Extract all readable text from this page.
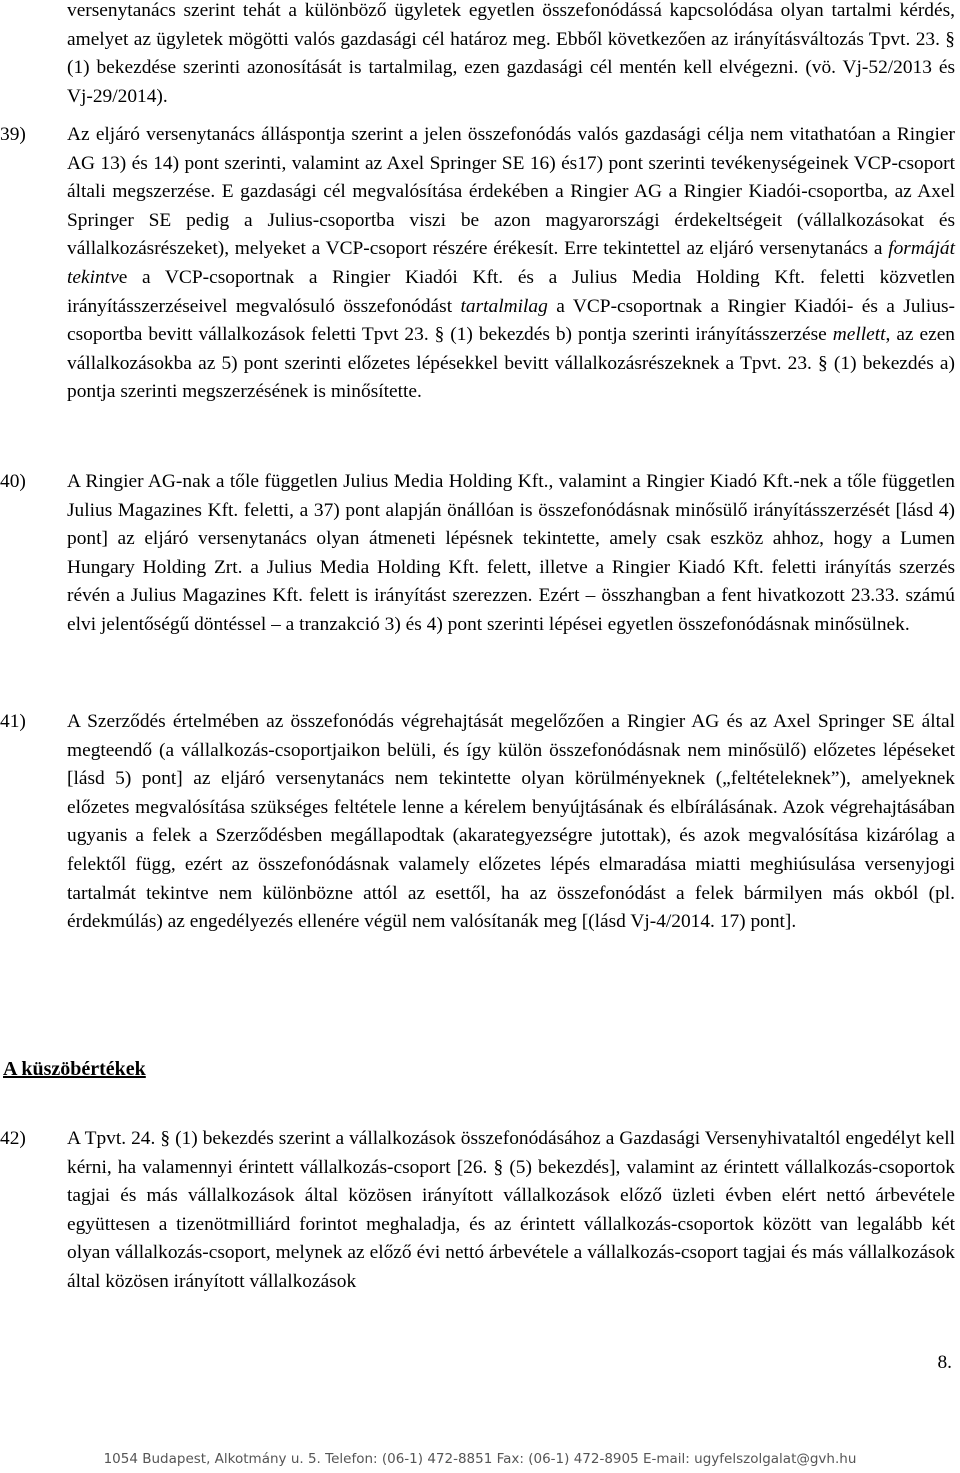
versenytanács szerint tehát a különböző ügyletek egyetlen összefonódássá kapcsolódása olyan tartalmi kérdés, amelyet az ügyletek mögötti valós gazdasági cél határoz meg. Ebből következően az irányításváltozás Tpvt. 23. § (1) bekezdése szerinti azonosítását is tartalmilag, ezen gazdasági cél mentén kell elvégezni. (vö. Vj-52/2013 és Vj-29/2014).

39)	Az eljáró versenytanács álláspontja szerint a jelen összefonódás valós gazdasági célja nem vitathatóan a Ringier AG 13) és 14) pont szerinti, valamint az Axel Springer SE 16) és17) pont szerinti tevékenységeinek VCP-csoport általi megszerzése. E gazdasági cél megvalósítása érdekében a Ringier AG a Ringier Kiadói-csoportba, az Axel Springer SE pedig a Julius-csoportba viszi be azon magyarországi érdekeltségeit (vállalkozásokat és vállalkozásrészeket), melyeket a VCP-csoport részére érékesít. Erre tekintettel az eljáró versenytanács a formáját tekintve a VCP-csoportnak a Ringier Kiadói Kft. és a Julius Media Holding Kft. feletti közvetlen irányításszerzéseivel megvalósuló összefonódást tartalmilag a VCP-csoportnak a Ringier Kiadói- és a Julius-csoportba bevitt vállalkozások feletti Tpvt 23. § (1) bekezdés b) pontja szerinti irányításszerzése mellett, az ezen vállalkozásokba az 5) pont szerinti előzetes lépésekkel bevitt vállalkozásrészeknek a Tpvt. 23. § (1) bekezdés a) pontja szerinti megszerzésének is minősítette.

40)	A Ringier AG-nak a tőle független Julius Media Holding Kft., valamint a Ringier Kiadó Kft.-nek a tőle független Julius Magazines Kft. feletti, a 37) pont alapján önállóan is összefonódásnak minősülő irányításszerzését [lásd 4) pont] az eljáró versenytanács olyan átmeneti lépésnek tekintette, amely csak eszköz ahhoz, hogy a Lumen Hungary Holding Zrt. a Julius Media Holding Kft. felett, illetve a Ringier Kiadó Kft. feletti irányítás szerzés révén a Julius Magazines Kft. felett is irányítást szerezzen. Ezért – összhangban a fent hivatkozott 23.33. számú elvi jelentőségű döntéssel – a tranzakció 3) és 4) pont szerinti lépései egyetlen összefonódásnak minősülnek.

41)	A Szerződés értelmében az összefonódás végrehajtását megelőzően a Ringier AG és az Axel Springer SE által megteendő (a vállalkozás-csoportjaikon belüli, és így külön összefonódásnak nem minősülő) előzetes lépéseket [lásd 5) pont] az eljáró versenytanács nem tekintette olyan körülményeknek („feltételeknek”), amelyeknek előzetes megvalósítása szükséges feltétele lenne a kérelem benyújtásának és elbírálásának. Azok végrehajtásában ugyanis a felek a Szerződésben megállapodtak (akarategyezségre jutottak), és azok megvalósítása kizárólag a felektől függ, ezért az összefonódásnak valamely előzetes lépés elmaradása miatti meghiúsulása versenyjogi tartalmát tekintve nem különbözne attól az esettől, ha az összefonódást a felek bármilyen más okból (pl. érdekmúlás) az engedélyezés ellenére végül nem valósítanák meg [(lásd Vj-4/2014. 17) pont].

A küszöbértékek

42)	A Tpvt. 24. § (1) bekezdés szerint a vállalkozások összefonódásához a Gazdasági Versenyhivataltól engedélyt kell kérni, ha valamennyi érintett vállalkozás-csoport [26. § (5) bekezdés], valamint az érintett vállalkozás-csoportok tagjai és más vállalkozások által közösen irányított vállalkozások előző üzleti évben elért nettó árbevétele együttesen a tizenötmilliárd forintot meghaladja, és az érintett vállalkozás-csoportok között van legalább két olyan vállalkozás-csoport, melynek az előző évi nettó árbevétele a vállalkozás-csoport tagjai és más vállalkozások által közösen irányított vállalkozások

8.
1054 Budapest, Alkotmány u. 5. Telefon: (06-1) 472-8851 Fax: (06-1) 472-8905 E-mail: ugyfelszolgalat@gvh.hu
